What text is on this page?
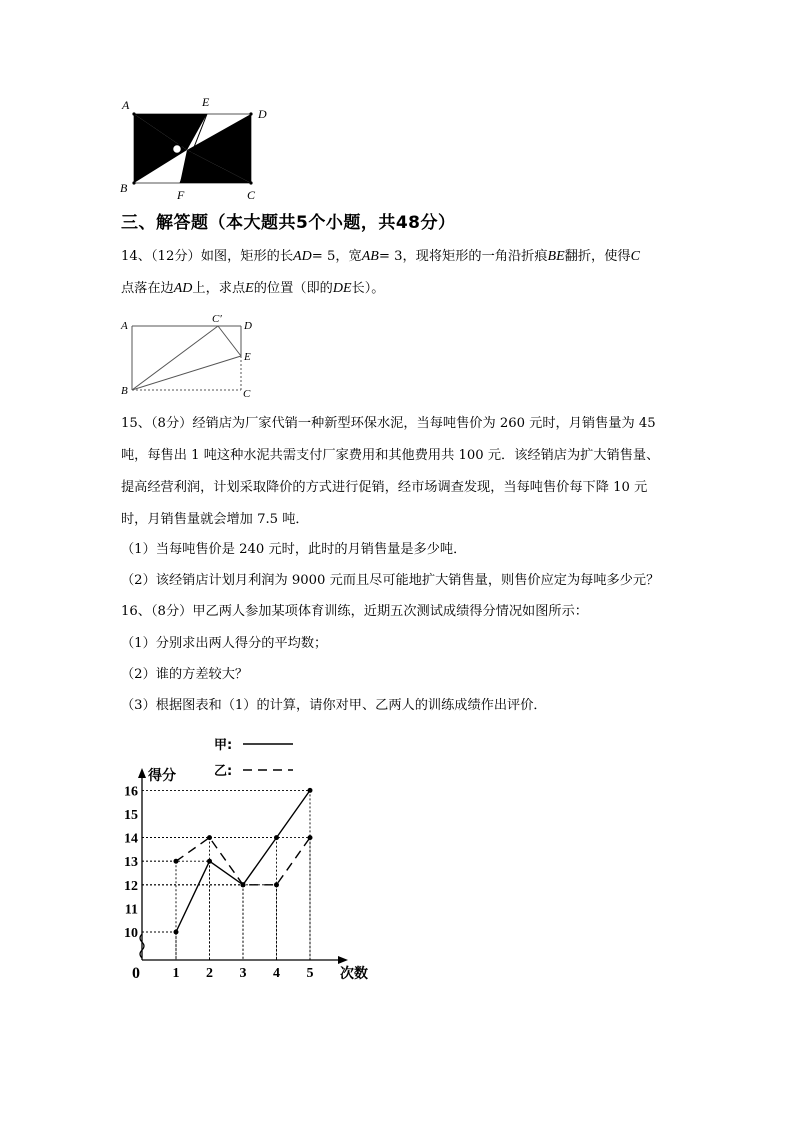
A	E
D
B	F	C
三、解答题（本大题共5个小题，共48分）
14、（12分）如图，矩形的长AD= 5，宽AB= 3，现将矩形的一角沿折痕BE翻折，使得C
点落在边AD上，求点E的位置（即的DE长）。
A
C′
D
E
B	C
15、（8分）经销店为厂家代销一种新型环保水泥，当每吨售价为 260 元时，月销售量为 45
吨，每售出 1 吨这种水泥共需支付厂家费用和其他费用共 100 元．该经销店为扩大销售量、
提高经营利润，计划采取降价的方式进行促销，经市场调查发现，当每吨售价每下降 10 元
时，月销售量就会增加 7.5 吨．
（1）当每吨售价是 240 元时，此时的月销售量是多少吨．
（2）该经销店计划月利润为 9000 元而且尽可能地扩大销售量，则售价应定为每吨多少元？
16、（8分）甲乙两人参加某项体育训练，近期五次测试成绩得分情况如图所示：
（1）分别求出两人得分的平均数；
（2）谁的方差较大？
（3）根据图表和（1）的计算，请你对甲、乙两人的训练成绩作出评价．
甲:
乙:
得分
次数
0
10
11
12
13
14
15
16
1 2 3 4 5
